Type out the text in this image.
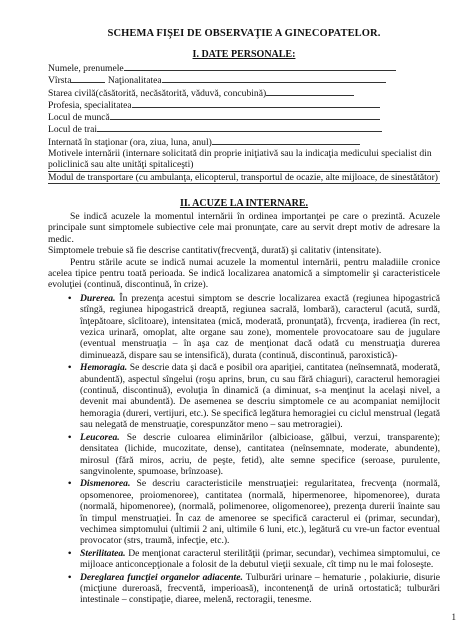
SCHEMA FIŞEI DE OBSERVAŢIE A GINECOPATELOR.
I. DATE PERSONALE:
Numele, prenumele
Vîrsta	Naţionalitatea
Starea civilă(căsătorită, necăsătorită, văduvă, concubină)
Profesia, specialitatea
Locul de muncă
Locul de trai
Internată în staţionar (ora, ziua, luna, anul)
Motivele internării (internare solicitată din proprie iniţiativă sau la indicaţia medicului specialist din policlinică sau alte unităţi spitaliceşti)
Modul de transportare (cu ambulanţa, elicopterul, transportul de ocazie, alte mijloace, de sinestătător)
II. ACUZE LA INTERNARE.

Se indică acuzele la momentul internării în ordinea importanţei pe care o prezintă. Acuzele principale sunt simptomele subiective cele mai pronunţate, care au servit drept motiv de adresare la medic.

Simptomele trebuie să fie descrise cantitativ(frecvenţă, durată) şi calitativ (intensitate).

Pentru stările acute se indică numai acuzele la momentul internării, pentru maladiile cronice acelea tipice pentru toată perioada. Se indică localizarea anatomică a simptomelir şi caracteristicele evoluţiei (continuă, discontinuă, în crize).

• Durerea. În prezenţa acestui simptom se descrie localizarea exactă (regiunea hipogastrică stîngă, regiunea hipogastrică dreaptă, regiunea sacrală, lombară), caracterul (acută, surdă, înţepătoare, sîcîitoare), intensitatea (mică, moderată, pronunţată), frcvenţa, iradierea (în rect, vezica urinară, omoplat, alte organe sau zone), momentele provocatoare sau de jugulare (eventual menstruaţia – în aşa caz de menţionat dacă odată cu menstruaţia durerea diminuează, dispare sau se intensifică), durata (continuă, discontinuă, paroxistică)-
• Hemoragia. Se descrie data şi dacă e posibil ora apariţiei, cantitatea (neînsemnată, moderată, abundentă), aspectul sîngelui (roşu aprins, brun, cu sau fără chiaguri), caracterul hemoragiei (continuă, discontinuă), evoluţia în dinamică (a diminuat, s-a menţinut la acelaşi nivel, a devenit mai abundentă). De asemenea se descriu simptomele ce au acompaniat nemijlocit hemoragia (dureri, vertijuri, etc.). Se specifică legătura hemoragiei cu ciclul menstrual (legată sau nelegată de menstruaţie, corespunzător meno – sau metroragiei).
• Leucorea. Se descrie culoarea eliminărilor (albicioase, gălbui, verzui, transparente); densitatea (lichide, mucozitate, dense), cantitatea (neînsemnate, moderate, abundente), mirosul (fără miros, acriu, de peşte, fetid), alte semne specifice (seroase, purulente, sangvinolente, spumoase, brînzoase).
• Dismenorea. Se descriu caracteristicile menstruaţiei: regularitatea, frecvenţa (normală, opsomenoree, proiomenoree), cantitatea (normală, hipermenoree, hipomenoree), durata (normală, hipomenoree), (normală, polimenoree, oligomenoree), prezenţa durerii înainte sau în timpul menstruaţiei. În caz de amenoree se specifică caracterul ei (primar, secundar), vechimea simptomului (ultimii 2 ani, ultimile 6 luni, etc.), legătură cu vre-un factor eventual provocator (strs, traumă, infecţie, etc.).
• Sterilitatea. De menţionat caracterul sterilităţii (primar, secundar), vechimea simptomului, ce mijloace anticoncepţionale a folosit de la debutul vieţii sexuale, cît timp nu le mai foloseşte.
• Dereglarea funcţiei organelor adiacente. Tulburări urinare – hematurie , polakiurie, disurie (micţiune dureroasă, frecventă, imperioasă), incontenenţă de urină ortostatică; tulburări intestinale – constipaţie, diaree, melenă, rectoragii, tenesme.
1
